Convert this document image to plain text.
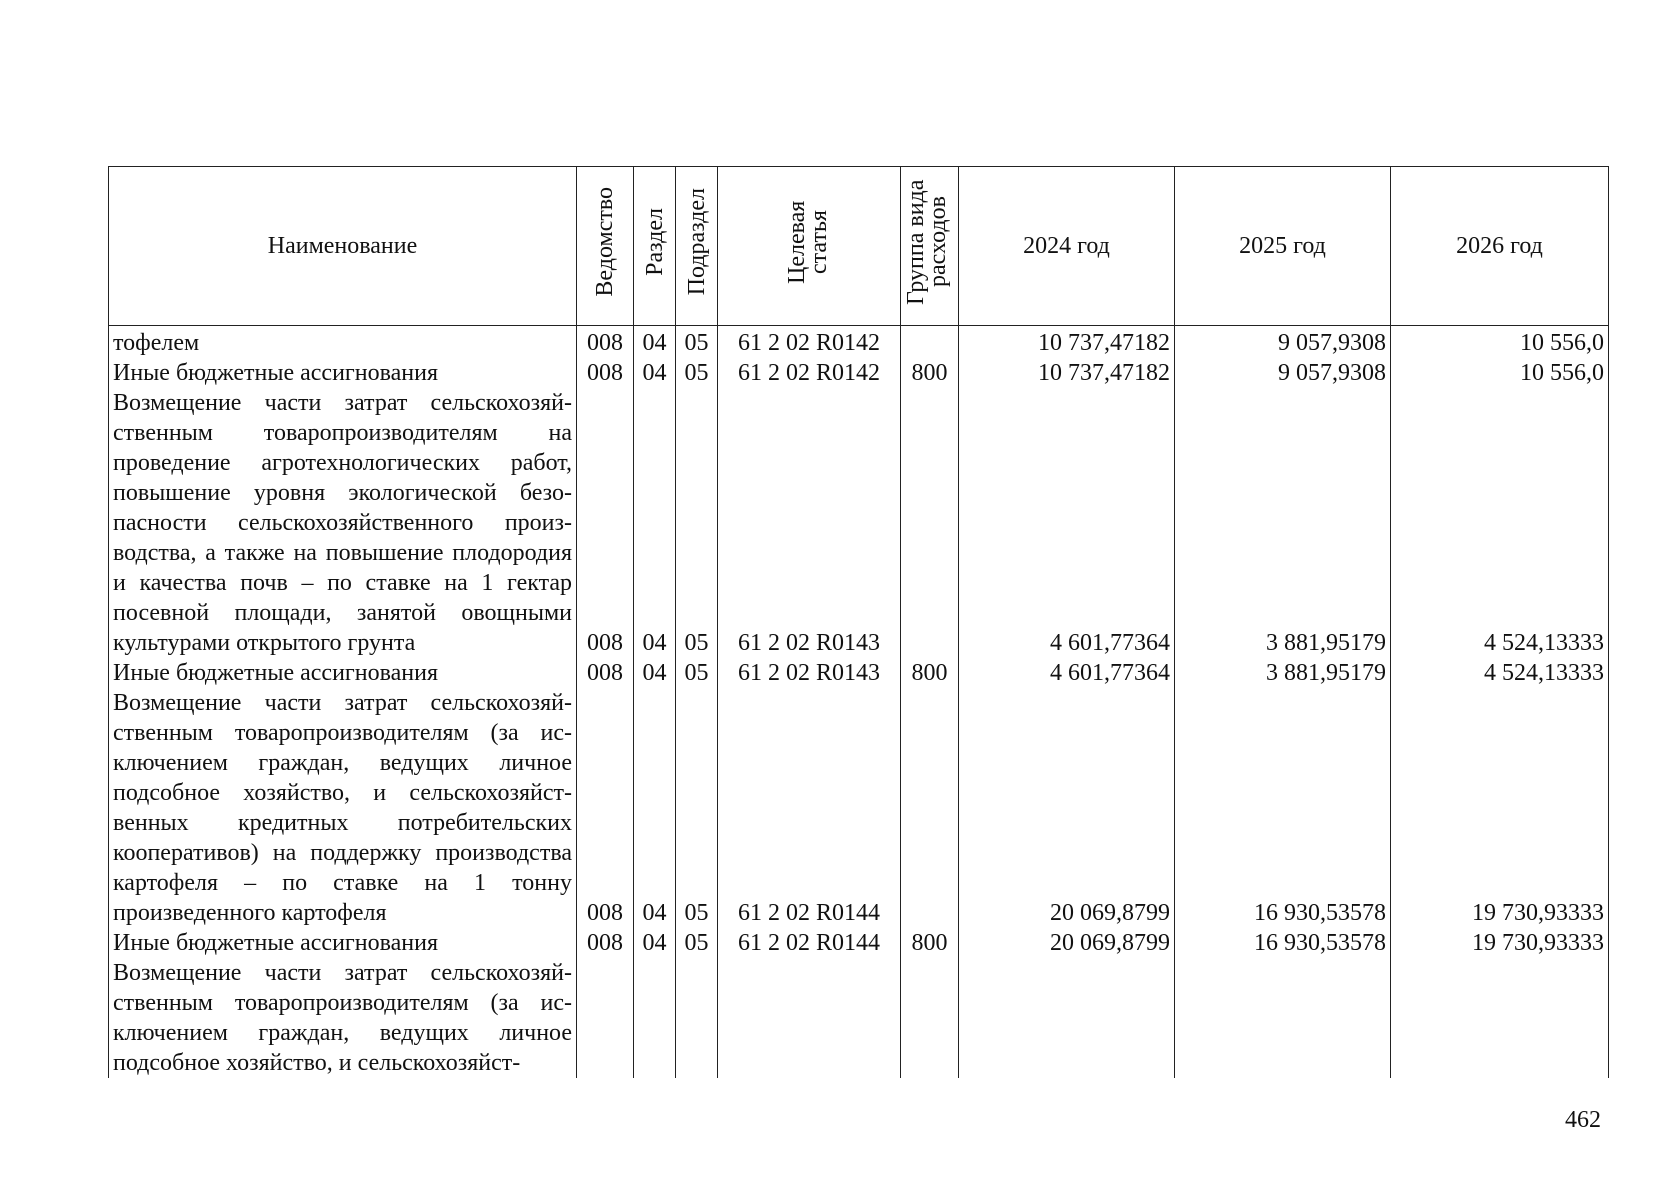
Наименование	Ведомство	Раздел	Подраздел	Целевая статья	Группа вида расходов	2024 год	2025 год	2026 год
тофелем	008	04	05	61 2 02 R0142		10 737,47182	9 057,9308	10 556,0
Иные бюджетные ассигнования	008	04	05	61 2 02 R0142	800	10 737,47182	9 057,9308	10 556,0
Возмещение части затрат сельскохозяйственным товаропроизводителям на проведение агротехнологических работ, повышение уровня экологической безопасности сельскохозяйственного производства, а также на повышение плодородия и качества почв – по ставке на 1 гектар посевной площади, занятой овощными культурами открытого грунта	008	04	05	61 2 02 R0143		4 601,77364	3 881,95179	4 524,13333
Иные бюджетные ассигнования	008	04	05	61 2 02 R0143	800	4 601,77364	3 881,95179	4 524,13333
Возмещение части затрат сельскохозяйственным товаропроизводителям (за исключением граждан, ведущих личное подсобное хозяйство, и сельскохозяйственных кредитных потребительских кооперативов) на поддержку производства картофеля – по ставке на 1 тонну произведенного картофеля	008	04	05	61 2 02 R0144		20 069,8799	16 930,53578	19 730,93333
Иные бюджетные ассигнования	008	04	05	61 2 02 R0144	800	20 069,8799	16 930,53578	19 730,93333
Возмещение части затрат сельскохозяйственным товаропроизводителям (за исключением граждан, ведущих личное подсобное хозяйство, и сельскохозяйст-								
462
